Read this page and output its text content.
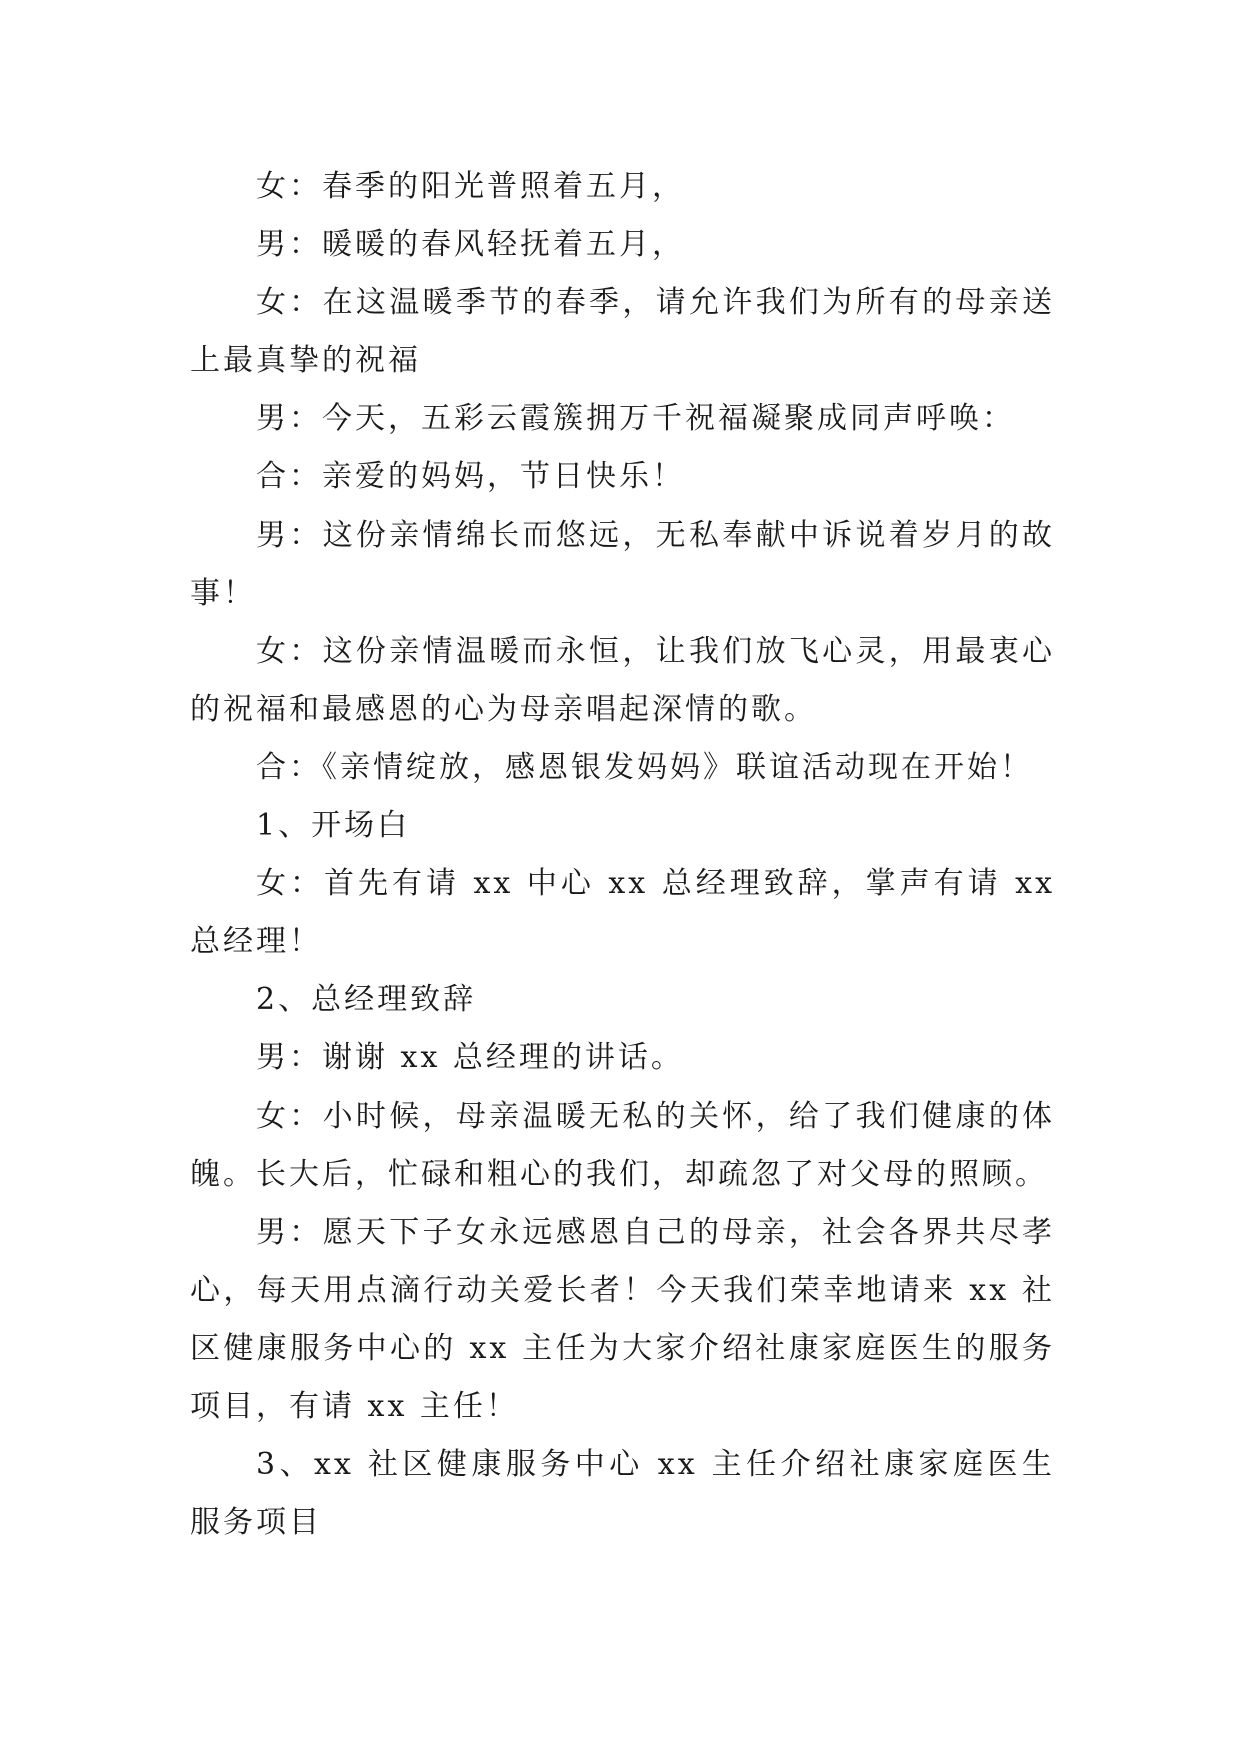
女：春季的阳光普照着五月，

男：暖暖的春风轻抚着五月，

女：在这温暖季节的春季，请允许我们为所有的母亲送上最真挚的祝福

男：今天，五彩云霞簇拥万千祝福凝聚成同声呼唤：

合：亲爱的妈妈，节日快乐！

男：这份亲情绵长而悠远，无私奉献中诉说着岁月的故事！

女：这份亲情温暖而永恒，让我们放飞心灵，用最衷心的祝福和最感恩的心为母亲唱起深情的歌。

合：《亲情绽放，感恩银发妈妈》联谊活动现在开始！

1、开场白

女：首先有请 xx 中心 xx 总经理致辞，掌声有请 xx 总经理！

2、总经理致辞

男：谢谢 xx 总经理的讲话。

女：小时候，母亲温暖无私的关怀，给了我们健康的体魄。长大后，忙碌和粗心的我们，却疏忽了对父母的照顾。

男：愿天下子女永远感恩自己的母亲，社会各界共尽孝心，每天用点滴行动关爱长者！今天我们荣幸地请来 xx 社区健康服务中心的 xx 主任为大家介绍社康家庭医生的服务项目，有请 xx 主任！

3、xx 社区健康服务中心 xx 主任介绍社康家庭医生服务项目
